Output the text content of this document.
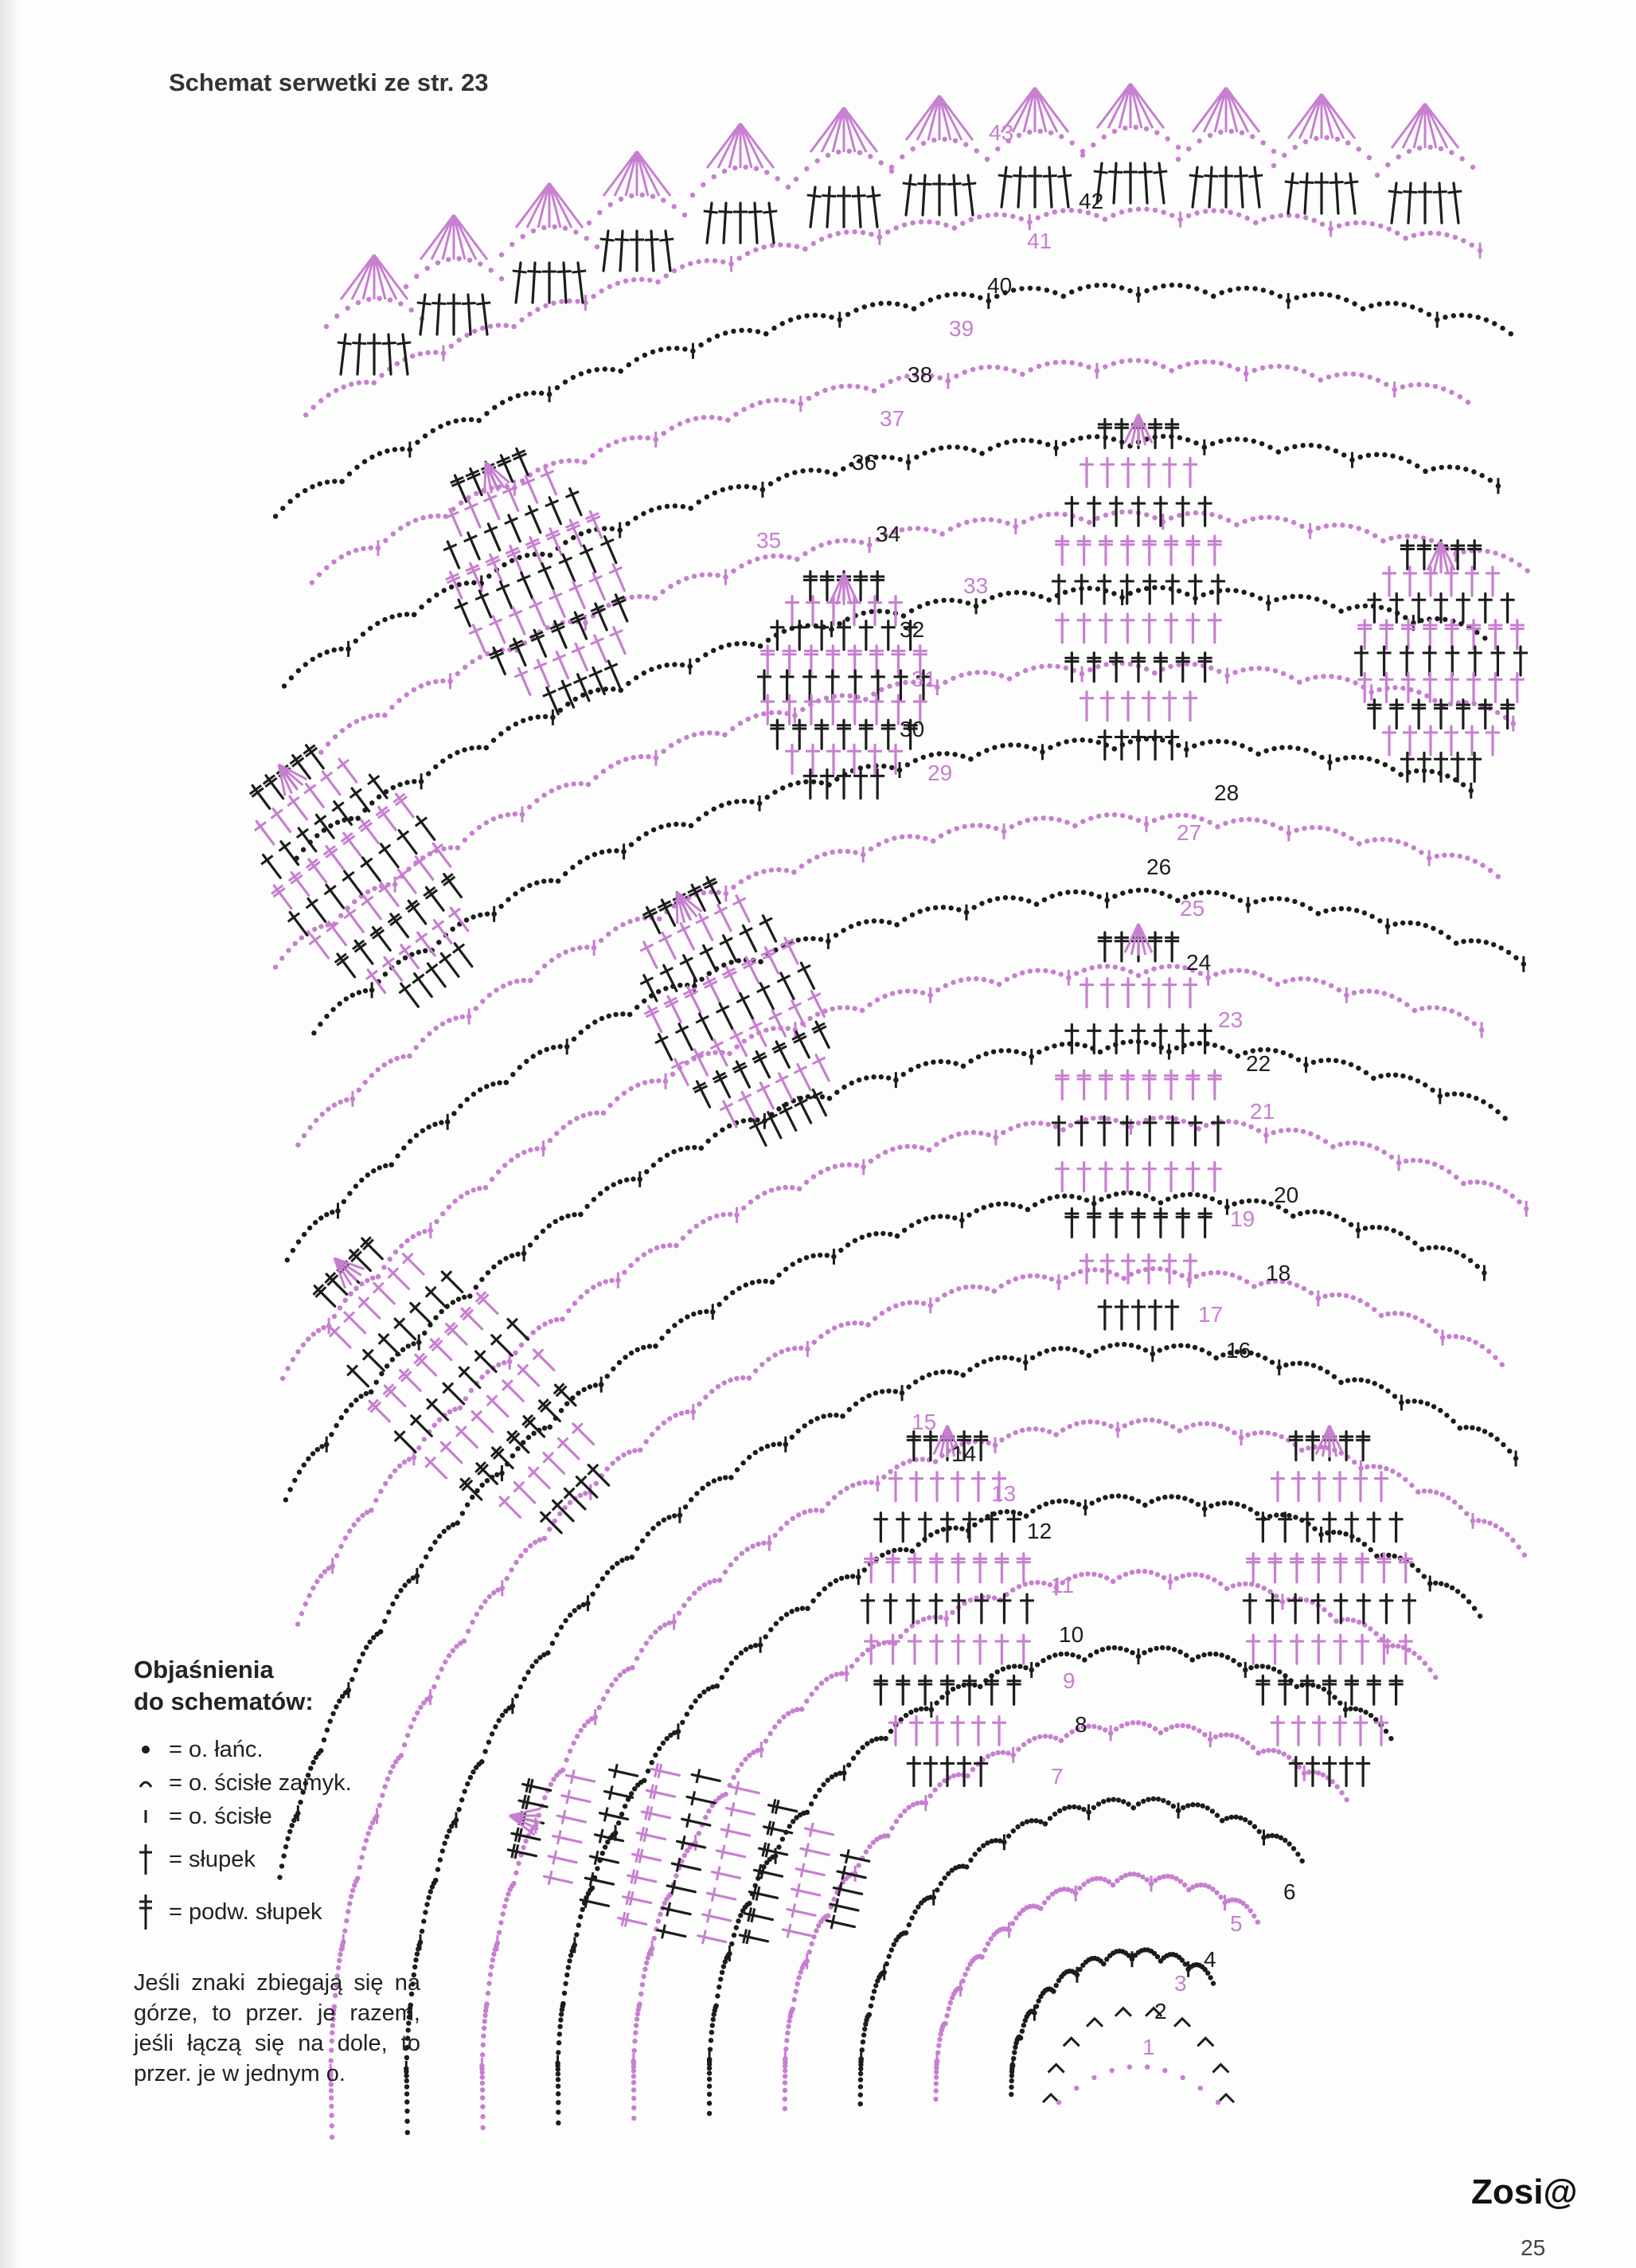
Schemat serwetki ze str. 23
1
2
3
4
5
6
7
8
9
10
11
12
13
14
15
16
17
18
19
20
21
22
23
24
25
26
27
28
29
30
31
32
33
34
35
36
37
38
39
40
41
42
43
Objaśnienia
do schematów:
= o. łańc.
= o. ścisłe zamyk.
= o. ścisłe
= słupek
= podw. słupek
Jeśli znaki zbiegają się na górze, to przer. je razem, jeśli łączą się na dole, to przer. je w jednym o.
Zosi@
25
